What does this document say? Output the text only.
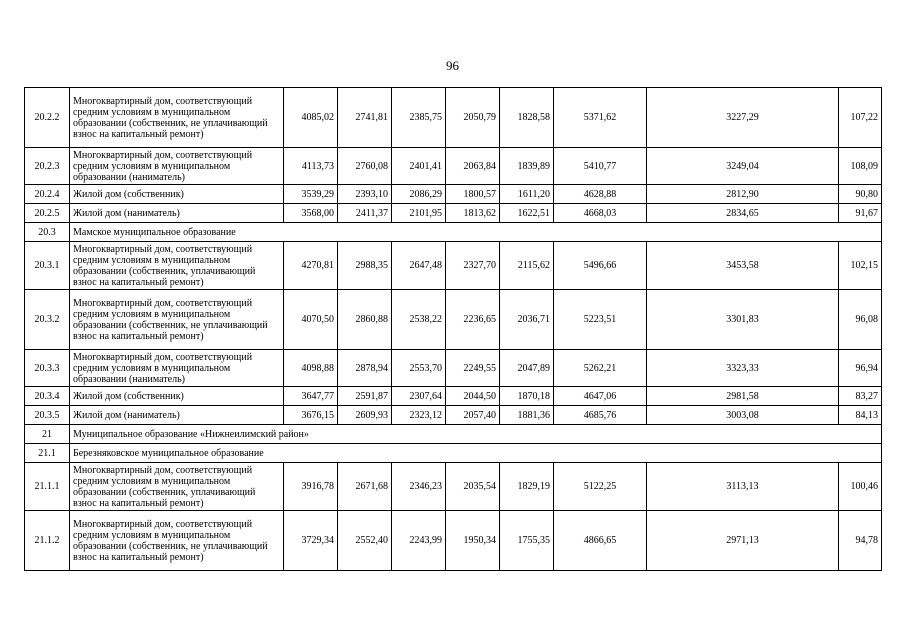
96
20.2.2	Многоквартирный дом, соответствующий средним условиям в муниципальном образовании (собственник, не уплачивающий взнос на капитальный ремонт)	4085,02	2741,81	2385,75	2050,79	1828,58	5371,62	3227,29	107,22
20.2.3	Многоквартирный дом, соответствующий средним условиям в муниципальном образовании (наниматель)	4113,73	2760,08	2401,41	2063,84	1839,89	5410,77	3249,04	108,09
20.2.4	Жилой дом (собственник)	3539,29	2393,10	2086,29	1800,57	1611,20	4628,88	2812,90	90,80
20.2.5	Жилой дом (наниматель)	3568,00	2411,37	2101,95	1813,62	1622,51	4668,03	2834,65	91,67
20.3	Мамское муниципальное образование								
20.3.1	Многоквартирный дом, соответствующий средним условиям в муниципальном образовании (собственник, уплачивающий взнос на капитальный ремонт)	4270,81	2988,35	2647,48	2327,70	2115,62	5496,66	3453,58	102,15
20.3.2	Многоквартирный дом, соответствующий средним условиям в муниципальном образовании (собственник, не уплачивающий взнос на капитальный ремонт)	4070,50	2860,88	2538,22	2236,65	2036,71	5223,51	3301,83	96,08
20.3.3	Многоквартирный дом, соответствующий средним условиям в муниципальном образовании (наниматель)	4098,88	2878,94	2553,70	2249,55	2047,89	5262,21	3323,33	96,94
20.3.4	Жилой дом (собственник)	3647,77	2591,87	2307,64	2044,50	1870,18	4647,06	2981,58	83,27
20.3.5	Жилой дом (наниматель)	3676,15	2609,93	2323,12	2057,40	1881,36	4685,76	3003,08	84,13
21	Муниципальное образование «Нижнеилимский район»								
21.1	Березняковское муниципальное образование								
21.1.1	Многоквартирный дом, соответствующий средним условиям в муниципальном образовании (собственник, уплачивающий взнос на капитальный ремонт)	3916,78	2671,68	2346,23	2035,54	1829,19	5122,25	3113,13	100,46
21.1.2	Многоквартирный дом, соответствующий средним условиям в муниципальном образовании (собственник, не уплачивающий взнос на капитальный ремонт)	3729,34	2552,40	2243,99	1950,34	1755,35	4866,65	2971,13	94,78
